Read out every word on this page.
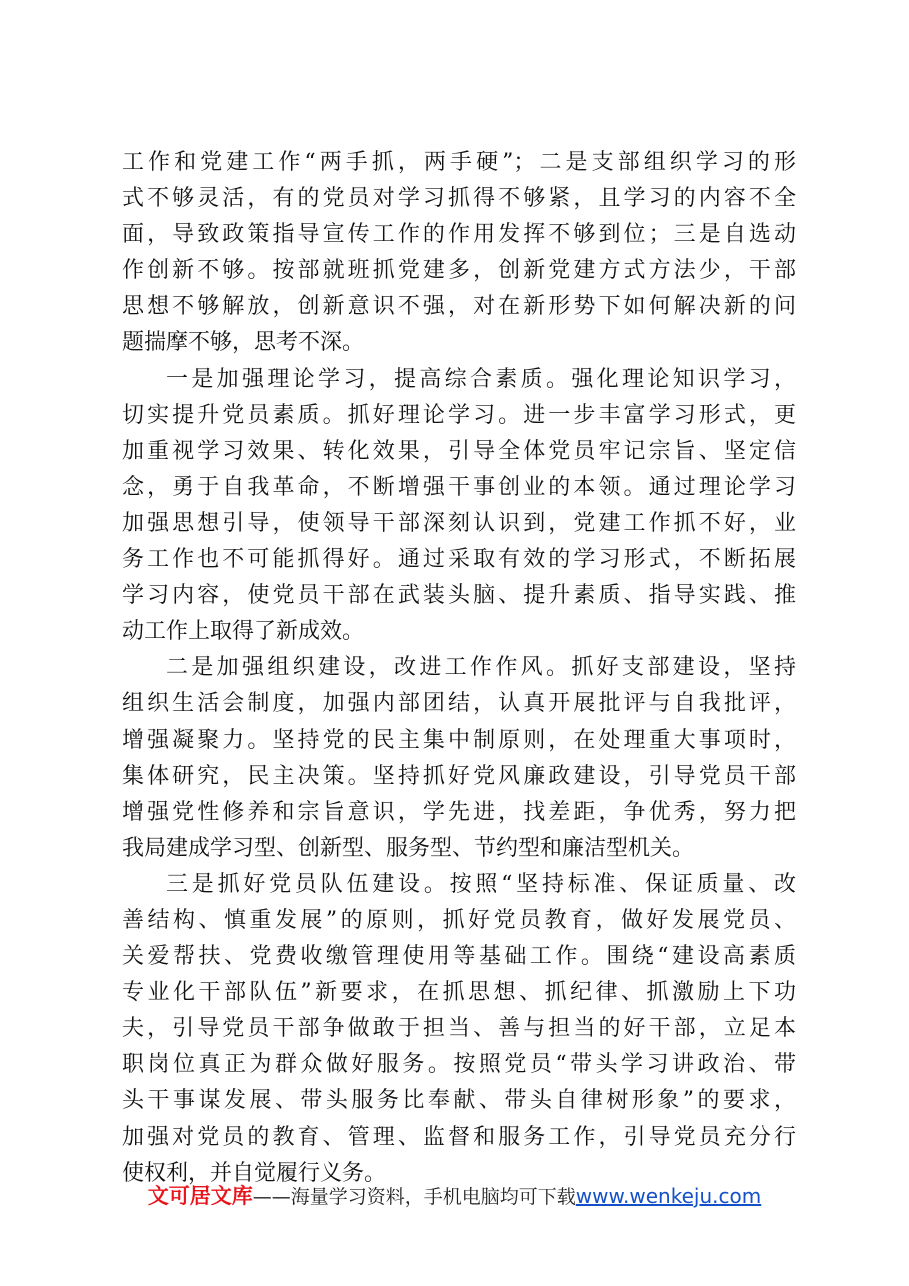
工作和党建工作“两手抓，两手硬”；二是支部组织学习的形
式不够灵活，有的党员对学习抓得不够紧，且学习的内容不全
面，导致政策指导宣传工作的作用发挥不够到位；三是自选动
作创新不够。按部就班抓党建多，创新党建方式方法少，干部
思想不够解放，创新意识不强，对在新形势下如何解决新的问
题揣摩不够，思考不深。
一是加强理论学习，提高综合素质。强化理论知识学习，
切实提升党员素质。抓好理论学习。进一步丰富学习形式，更
加重视学习效果、转化效果，引导全体党员牢记宗旨、坚定信
念，勇于自我革命，不断增强干事创业的本领。通过理论学习
加强思想引导，使领导干部深刻认识到，党建工作抓不好，业
务工作也不可能抓得好。通过采取有效的学习形式，不断拓展
学习内容，使党员干部在武装头脑、提升素质、指导实践、推
动工作上取得了新成效。
二是加强组织建设，改进工作作风。抓好支部建设，坚持
组织生活会制度，加强内部团结，认真开展批评与自我批评，
增强凝聚力。坚持党的民主集中制原则，在处理重大事项时，
集体研究，民主决策。坚持抓好党风廉政建设，引导党员干部
增强党性修养和宗旨意识，学先进，找差距，争优秀，努力把
我局建成学习型、创新型、服务型、节约型和廉洁型机关。
三是抓好党员队伍建设。按照“坚持标准、保证质量、改
善结构、慎重发展”的原则，抓好党员教育，做好发展党员、
关爱帮扶、党费收缴管理使用等基础工作。围绕“建设高素质
专业化干部队伍”新要求，在抓思想、抓纪律、抓激励上下功
夫，引导党员干部争做敢于担当、善与担当的好干部，立足本
职岗位真正为群众做好服务。按照党员“带头学习讲政治、带
头干事谋发展、带头服务比奉献、带头自律树形象”的要求，
加强对党员的教育、管理、监督和服务工作，引导党员充分行
使权利，并自觉履行义务。
文可居文库——海量学习资料，手机电脑均可下载www.wenkeju.com
